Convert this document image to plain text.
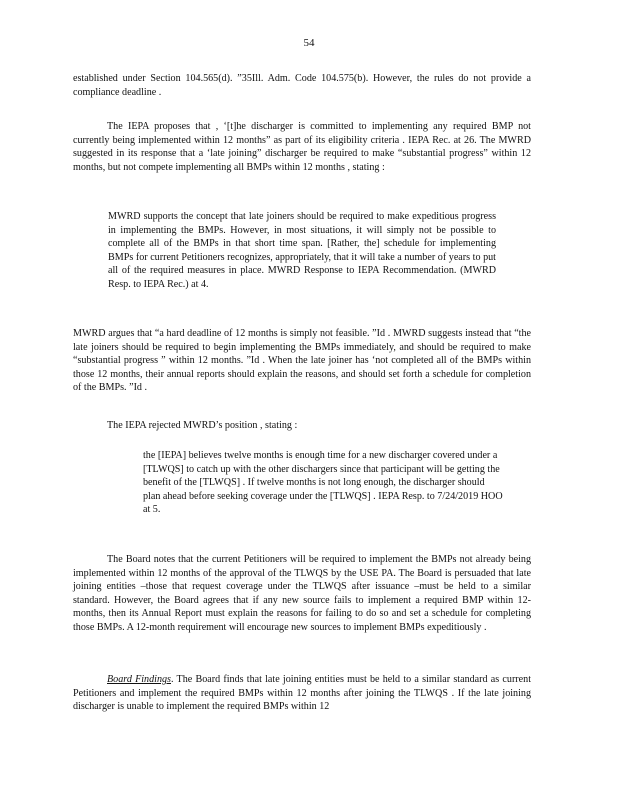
54

established under Section 104.565(d). ”35Ill. Adm. Code 104.575(b). However, the rules do not provide a compliance deadline .

The IEPA proposes that , ‘[t]he discharger is committed to implementing any required BMP not currently being implemented within 12 months” as part of its eligibility criteria . IEPA Rec. at 26. The MWRD suggested in its response that a ‘late joining” discharger be required to make “substantial progress” within 12 months, but not compete implementing all BMPs within 12 months , stating :

MWRD supports the concept that late joiners should be required to make expeditious progress in implementing the BMPs. However, in most situations, it will simply not be possible to complete all of the BMPs in that short time span. [Rather, the] schedule for implementing BMPs for current Petitioners recognizes, appropriately, that it will take a number of years to put all of the required measures in place. MWRD Response to IEPA Recommendation. (MWRD Resp. to IEPA Rec.) at 4.

MWRD argues that “a hard deadline of 12 months is simply not feasible. ”Id . MWRD suggests instead that “the late joiners should be required to begin implementing the BMPs immediately, and should be required to make “substantial progress ” within 12 months. ”Id . When the late joiner has ‘not completed all of the BMPs within those 12 months, their annual reports should explain the reasons, and should set forth a schedule for completion of the BMPs. ”Id .

The IEPA rejected MWRD’s position , stating :

the [IEPA] believes twelve months is enough time for a new discharger covered under a [TLWQS] to catch up with the other dischargers since that participant will be getting the benefit of the [TLWQS] . If twelve months is not long enough, the discharger should plan ahead before seeking coverage under the [TLWQS] . IEPA Resp. to 7/24/2019 HOO at 5.

The Board notes that the current Petitioners will be required to implement the BMPs not already being implemented within 12 months of the approval of the TLWQS by the USE PA. The Board is persuaded that late joining entities –those that request coverage under the TLWQS after issuance –must be held to a similar standard. However, the Board agrees that if any new source fails to implement a required BMP within 12-months, then its Annual Report must explain the reasons for failing to do so and set a schedule for completing those BMPs. A 12-month requirement will encourage new sources to implement BMPs expeditiously .

Board Findings. The Board finds that late joining entities must be held to a similar standard as current Petitioners and implement the required BMPs within 12 months after joining the TLWQS . If the late joining discharger is unable to implement the required BMPs within 12
